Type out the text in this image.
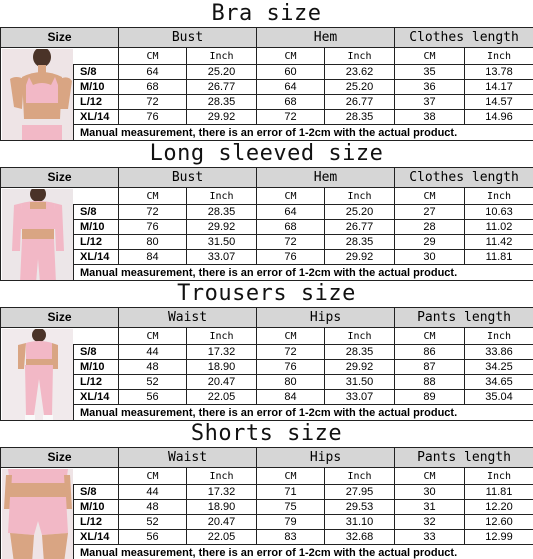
Bra size
Size		Bust		Hem		Clothes length	

		CM	Inch	CM	Inch	CM	Inch
	S/8	64	25.20	60	23.62	35	13.78
	M/10	68	26.77	64	25.20	36	14.17
	L/12	72	28.35	68	26.77	37	14.57
	XL/14	76	29.92	72	28.35	38	14.96
	Manual measurement, there is an error of 1-2cm with the actual product.						
Long sleeved size
Size		Bust		Hem		Clothes length	

		CM	Inch	CM	Inch	CM	Inch
	S/8	72	28.35	64	25.20	27	10.63
	M/10	76	29.92	68	26.77	28	11.02
	L/12	80	31.50	72	28.35	29	11.42
	XL/14	84	33.07	76	29.92	30	11.81
	Manual measurement, there is an error of 1-2cm with the actual product.						
Trousers size
Size		Waist		Hips		Pants length	

		CM	Inch	CM	Inch	CM	Inch
	S/8	44	17.32	72	28.35	86	33.86
	M/10	48	18.90	76	29.92	87	34.25
	L/12	52	20.47	80	31.50	88	34.65
	XL/14	56	22.05	84	33.07	89	35.04
	Manual measurement, there is an error of 1-2cm with the actual product.						
Shorts size
Size		Waist		Hips		Pants length	

		CM	Inch	CM	Inch	CM	Inch
	S/8	44	17.32	71	27.95	30	11.81
	M/10	48	18.90	75	29.53	31	12.20
	L/12	52	20.47	79	31.10	32	12.60
	XL/14	56	22.05	83	32.68	33	12.99
	Manual measurement, there is an error of 1-2cm with the actual product.						
